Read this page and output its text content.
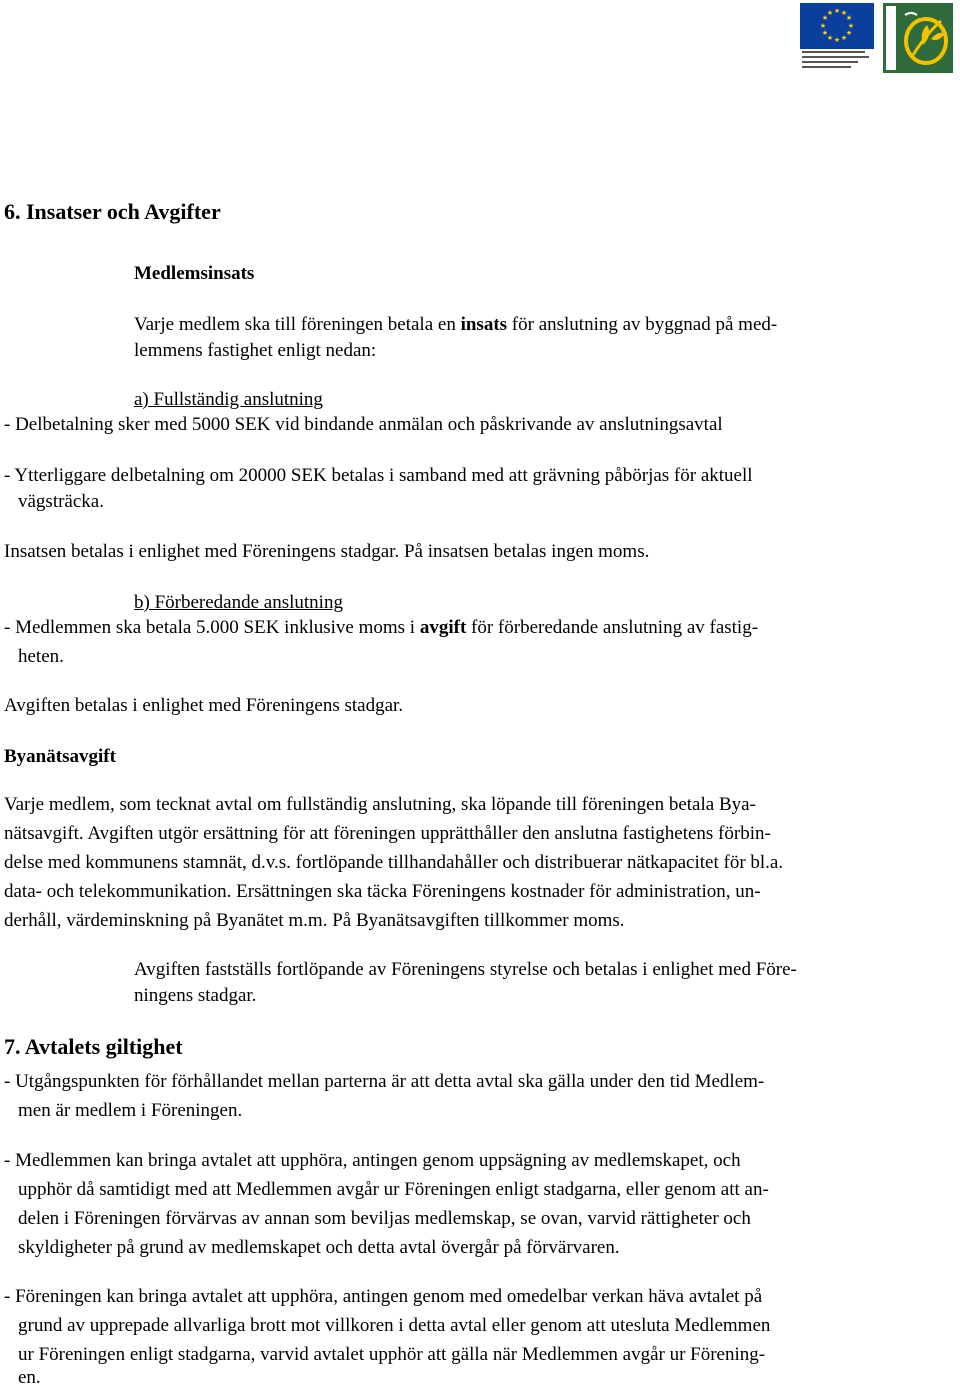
★ ★
★
★
★
★
★
★
★
★
★
★
6. Insatser och Avgifter
Medlemsinsats
Varje medlem ska till föreningen betala en insats för anslutning av byggnad på med-
lemmens fastighet enligt nedan:
a) Fullständig anslutning
- Delbetalning sker med 5000 SEK vid bindande anmälan och påskrivande av anslutningsavtal
- Ytterliggare delbetalning om 20000 SEK betalas i samband med att grävning påbörjas för aktuell
vägsträcka.
Insatsen betalas i enlighet med Föreningens stadgar. På insatsen betalas ingen moms.
b) Förberedande anslutning
- Medlemmen ska betala 5.000 SEK inklusive moms i avgift för förberedande anslutning av fastig-
heten.
Avgiften betalas i enlighet med Föreningens stadgar.
Byanätsavgift
Varje medlem, som tecknat avtal om fullständig anslutning, ska löpande till föreningen betala Bya-
nätsavgift. Avgiften utgör ersättning för att föreningen upprätthåller den anslutna fastighetens förbin-
delse med kommunens stamnät, d.v.s. fortlöpande tillhandahåller och distribuerar nätkapacitet för bl.a.
data- och telekommunikation. Ersättningen ska täcka Föreningens kostnader för administration, un-
derhåll, värdeminskning på Byanätet m.m. På Byanätsavgiften tillkommer moms.
Avgiften fastställs fortlöpande av Föreningens styrelse och betalas i enlighet med Före-
ningens stadgar.
7. Avtalets giltighet
- Utgångspunkten för förhållandet mellan parterna är att detta avtal ska gälla under den tid Medlem-
men är medlem i Föreningen.
- Medlemmen kan bringa avtalet att upphöra, antingen genom uppsägning av medlemskapet, och
upphör då samtidigt med att Medlemmen avgår ur Föreningen enligt stadgarna, eller genom att an-
delen i Föreningen förvärvas av annan som beviljas medlemskap, se ovan, varvid rättigheter och
skyldigheter på grund av medlemskapet och detta avtal övergår på förvärvaren.
- Föreningen kan bringa avtalet att upphöra, antingen genom med omedelbar verkan häva avtalet på
grund av upprepade allvarliga brott mot villkoren i detta avtal eller genom att utesluta Medlemmen
ur Föreningen enligt stadgarna, varvid avtalet upphör att gälla när Medlemmen avgår ur Förening-
en.
